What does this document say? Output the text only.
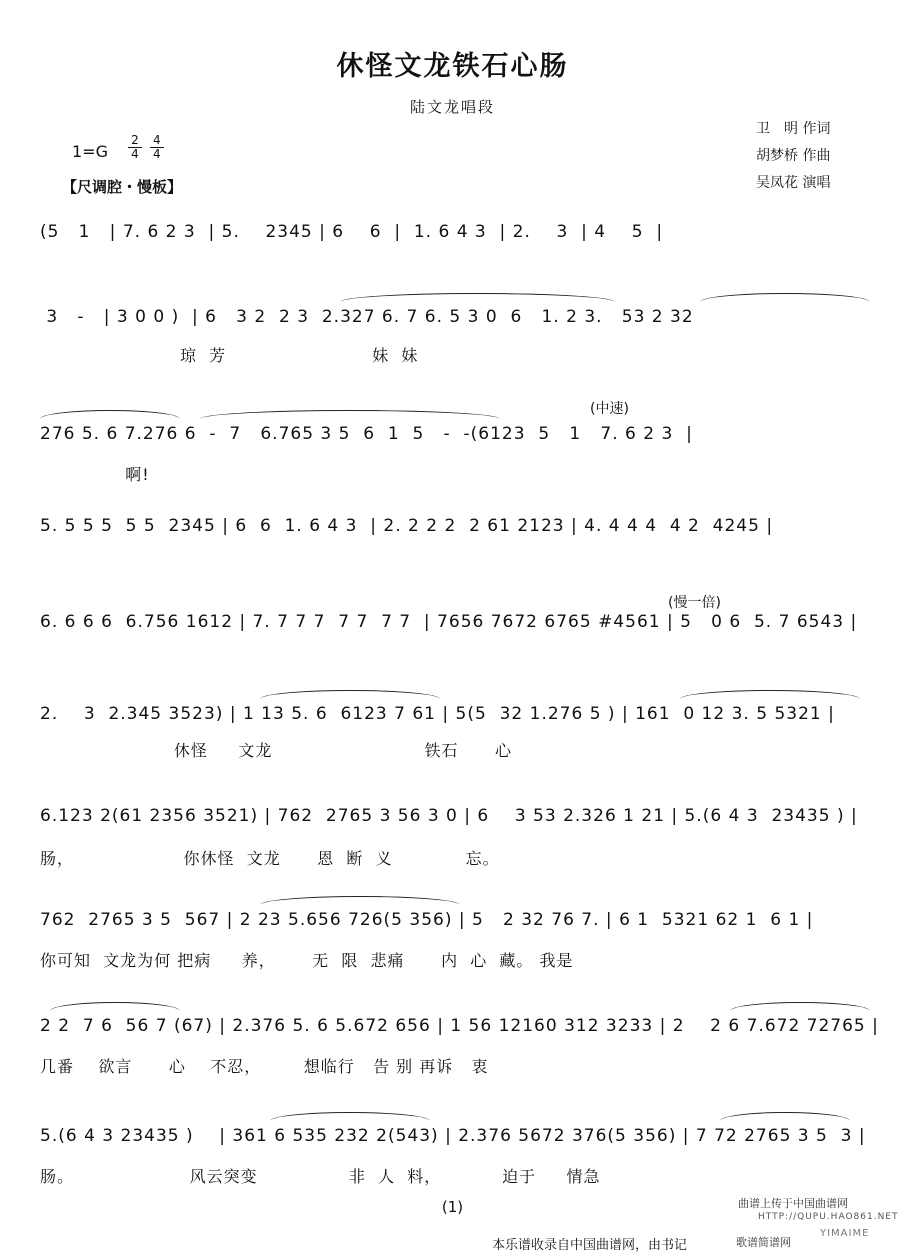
休怪文龙铁石心肠
陆文龙唱段
卫　明 作词
胡梦桥 作曲
吴凤花 演唱
$1=G \frac{2}{4} \frac{4}{4}$
【尺调腔・慢板】
(中速)
(慢一倍)
(5   1   | 7. 6 2 3  | 5.    2345 | 6    6  |  1. 6 4 3  | 2.    3  | 4    5  |
3   -   | 3 0 0 )  | 6   3 2  2 3  2.327 6. 7 6. 5 3 0  6   1. 2 3.   53 2 32
琼  芳                        妹  妹
276 5. 6 7.276 6  -  7   6.765 3 5  6  1  5   -  -(6123  5   1   7. 6 2 3  |
啊!
5. 5 5 5  5 5  2345 | 6  6  1. 6 4 3  | 2. 2 2 2  2 61 2123 | 4. 4 4 4  4 2  4245 |
6. 6 6 6  6.756 1612 | 7. 7 7 7  7 7  7 7  | 7656 7672 6765 #4561 | 5   0 6  5. 7 6543 |
2.    3  2.345 3523) | 1 13 5. 6  6123 7 61 | 5(5  32 1.276 5 ) | 161  0 12 3. 5 5321 |
休怪     文龙                         铁石      心
6.123 2(61 2356 3521) | 762  2765 3 56 3 0 | 6    3 53 2.326 1 21 | 5.(6 4 3  23435 ) |
肠，                  你休怪  文龙      恩  断  义            忘。
762  2765 3 5  567 | 2 23 5.656 726(5 356) | 5   2 32 76 7. | 6 1  5321 62 1  6 1 |
你可知  文龙为何 把病     养，      无  限  悲痛      内  心  藏。 我是
2 2  7 6  56 7 (67) | 2.376 5. 6 5.672 656 | 1 56 12160 312 3233 | 2    2 6 7.672 72765 |
几番    欲言      心    不忍，       想临行   告 别 再诉   衷
5.(6 4 3 23435 )    | 361 6 535 232 2(543) | 2.376 5672 376(5 356) | 7 72 2765 3 5  3 |
肠。                   风云突变               非  人  料，          迫于     情急
(1)
本乐谱收录自中国曲谱网，由书记
曲谱上传于中国曲谱网
HTTP://QUPU.HAO861.NET
歌谱简谱网
YIMAIME
